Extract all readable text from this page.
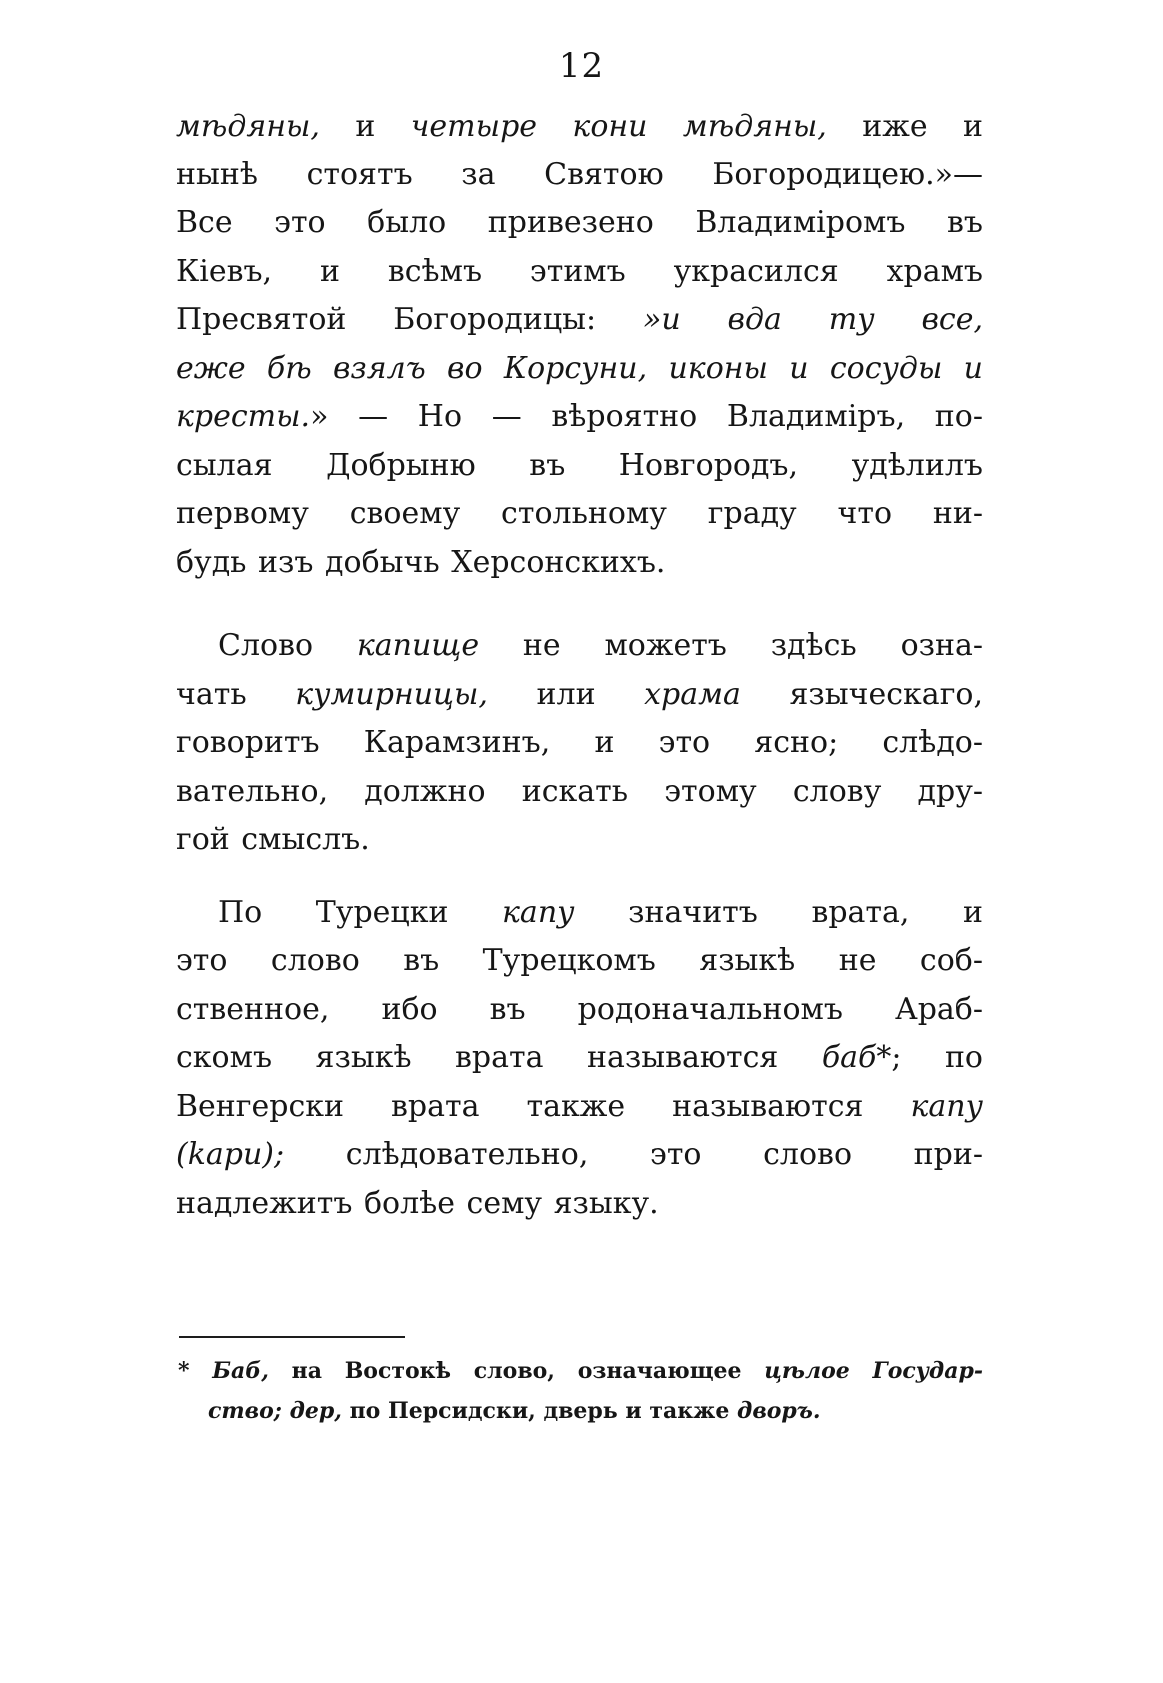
12
мѣдяны, и четыре кони мѣдяны, иже и
нынѣ стоятъ за Святою Богородицею.»—
Все это было привезено Владиміромъ въ
Кіевъ, и всѣмъ этимъ украсился храмъ
Пресвятой Богородицы: »и вда ту все,
еже бѣ взялъ во Корсуни, иконы и сосуды и
кресты.» — Но — вѣроятно Владиміръ, по-
сылая Добрыню въ Новгородъ, удѣлилъ
первому своему стольному граду что ни-
будь изъ добычь Херсонскихъ.
Слово капище не можетъ здѣсь озна-
чать кумирницы, или храма языческаго,
говоритъ Карамзинъ, и это ясно; слѣдо-
вательно, должно искать этому слову дру-
гой смыслъ.
По Турецки капу значитъ врата, и
это слово въ Турецкомъ языкѣ не соб-
ственное, ибо въ родоначальномъ Араб-
скомъ языкѣ врата называются баб*; по
Венгерски врата также называются капу
(kapu); слѣдовательно, это слово при-
надлежитъ болѣе сему языку.
* Баб, на Востокѣ слово, означающее цѣлое Государ-
ство; дер, по Персидски, дверь и также дворъ.
